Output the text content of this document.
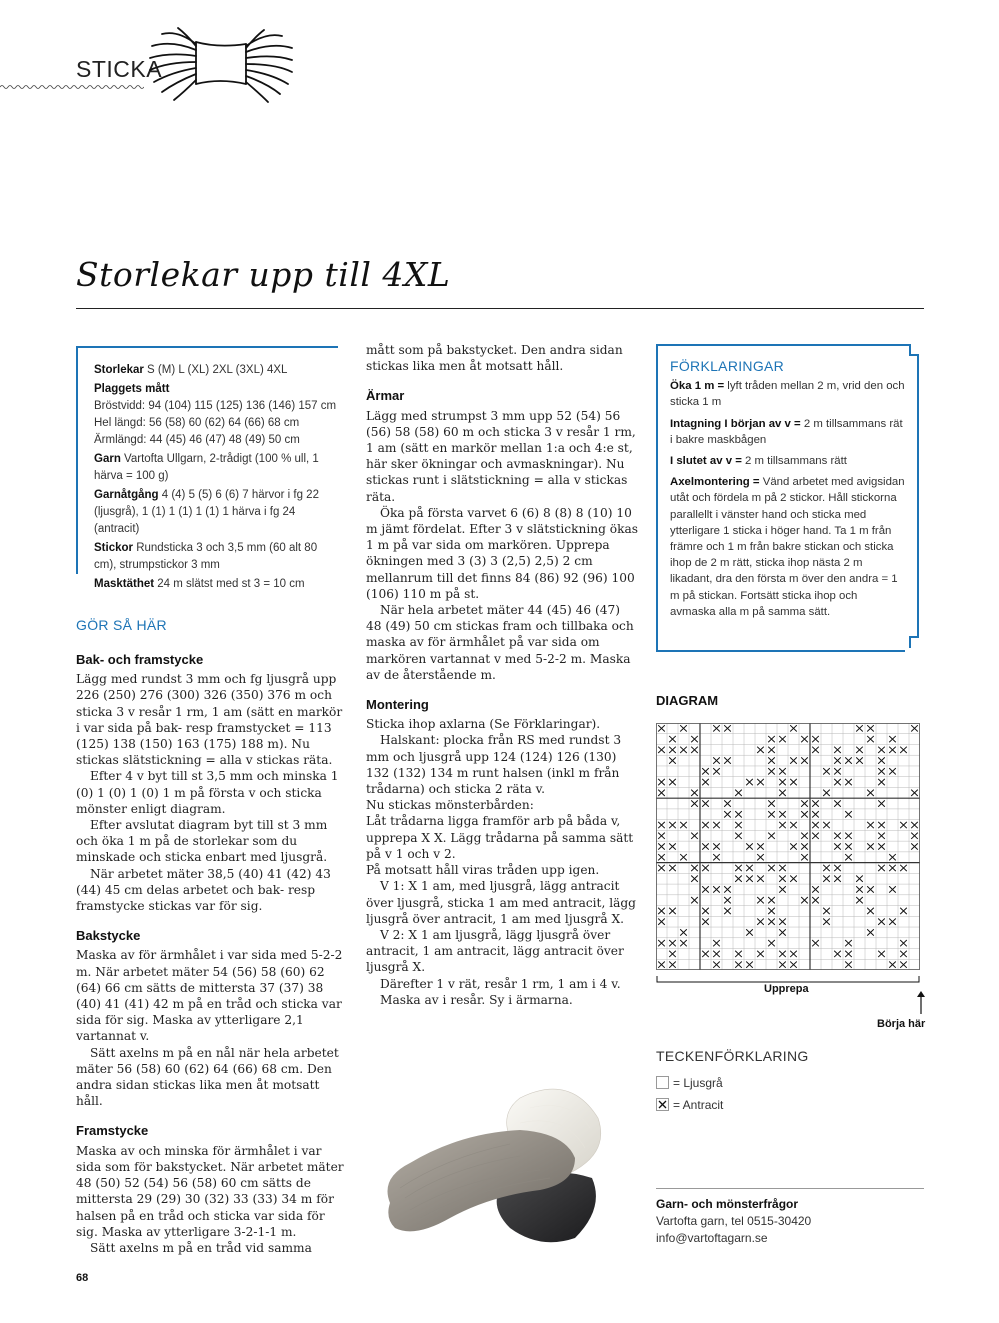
STICKA
Storlekar upp till 4XL
Storlekar S (M) L (XL) 2XL (3XL) 4XL
Plaggets mått
Bröstvidd: 94 (104) 115 (125) 136 (146) 157 cm
Hel längd: 56 (58) 60 (62) 64 (66) 68 cm
Ärmlängd: 44 (45) 46 (47) 48 (49) 50 cm
Garn Vartofta Ullgarn, 2-trådigt (100 % ull, 1 härva = 100 g)
Garnåtgång 4 (4) 5 (5) 6 (6) 7 härvor i fg 22 (ljusgrå), 1 (1) 1 (1) 1 (1) 1 härva i fg 24 (antracit)
Stickor Rundsticka 3 och 3,5 mm (60 alt 80 cm), strumpstickor 3 mm
Masktäthet 24 m slätst med st 3 = 10 cm
GÖR SÅ HÄR
Bak- och framstycke

Lägg med rundst 3 mm och fg ljusgrå upp 226 (250) 276 (300) 326 (350) 376 m och sticka 3 v resår 1 rm, 1 am (sätt en markör i var sida på bak- resp framstycket = 113 (125) 138 (150) 163 (175) 188 m). Nu stickas slätstickning = alla v stickas räta.

Efter 4 v byt till st 3,5 mm och minska 1 (0) 1 (0) 1 (0) 1 m på första v och sticka mönster enligt diagram.

Efter avslutat diagram byt till st 3 mm och öka 1 m på de storlekar som du minskade och sticka enbart med ljusgrå.

När arbetet mäter 38,5 (40) 41 (42) 43 (44) 45 cm delas arbetet och bak- resp framstycke stickas var för sig.

Bakstycke

Maska av för ärmhålet i var sida med 5-2-2 m. När arbetet mäter 54 (56) 58 (60) 62 (64) 66 cm sätts de mittersta 37 (37) 38 (40) 41 (41) 42 m på en tråd och sticka var sida för sig. Maska av ytterligare 2,1 vartannat v.

Sätt axelns m på en nål när hela arbetet mäter 56 (58) 60 (62) 64 (66) 68 cm. Den andra sidan stickas lika men åt motsatt håll.

Framstycke

Maska av och minska för ärmhålet i var sida som för bakstycket. När arbetet mäter 48 (50) 52 (54) 56 (58) 60 cm sätts de mittersta 29 (29) 30 (32) 33 (33) 34 m för halsen på en tråd och sticka var sida för sig. Maska av ytterligare 3-2-1-1 m.

Sätt axelns m på en tråd vid samma

mått som på bakstycket. Den andra sidan stickas lika men åt motsatt håll.

Ärmar

Lägg med strumpst 3 mm upp 52 (54) 56 (56) 58 (58) 60 m och sticka 3 v resår 1 rm, 1 am (sätt en markör mellan 1:a och 4:e st, här sker ökningar och avmaskningar). Nu stickas runt i slätstickning = alla v stickas räta.

Öka på första varvet 6 (6) 8 (8) 8 (10) 10 m jämt fördelat. Efter 3 v slätstickning ökas 1 m på var sida om markören. Upprepa ökningen med 3 (3) 3 (2,5) 2,5) 2 cm mellanrum till det finns 84 (86) 92 (96) 100 (106) 110 m på st.

När hela arbetet mäter 44 (45) 46 (47) 48 (49) 50 cm stickas fram och tillbaka och maska av för ärmhålet på var sida om markören vartannat v med 5-2-2 m. Maska av de återstående m.

Montering

Sticka ihop axlarna (Se Förklaringar).

Halskant: plocka från RS med rundst 3 mm och ljusgrå upp 124 (124) 126 (130) 132 (132) 134 m runt halsen (inkl m från trådarna) och sticka 2 räta v.

Nu stickas mönsterbården:

Låt trådarna ligga framför arb på båda v, upprepa X X. Lägg trådarna på samma sätt på v 1 och v 2.

På motsatt håll viras tråden upp igen.

V 1: X 1 am, med ljusgrå, lägg antracit över ljusgrå, sticka 1 am med antracit, lägg ljusgrå över antracit, 1 am med ljusgrå X.

V 2: X 1 am ljusgrå, lägg ljusgrå över antracit, 1 am antracit, lägg antracit över ljusgrå X.

Därefter 1 v rät, resår 1 rm, 1 am i 4 v.

Maska av i resår. Sy i ärmarna.

FÖRKLARINGAR

Öka 1 m = lyft tråden mellan 2 m, vrid den och sticka 1 m

Intagning I början av v = 2 m tillsammans rät i bakre maskbågen

I slutet av v = 2 m tillsammans rätt

Axelmontering = Vänd arbetet med avigsidan utåt och fördela m på 2 stickor. Håll stickorna parallellt i vänster hand och sticka med ytterligare 1 sticka i höger hand. Ta 1 m från främre och 1 m från bakre stickan och sticka ihop de 2 m rätt, sticka ihop nästa 2 m likadant, dra den första m över den andra = 1 m på stickan. Fortsätt sticka ihop och avmaska alla m på samma sätt.

DIAGRAM
Upprepa
Börja här
TECKENFÖRKLARING
= Ljusgrå
= Antracit
Garn- och mönsterfrågor
Vartofta garn, tel 0515-30420
info@vartoftagarn.se
68
